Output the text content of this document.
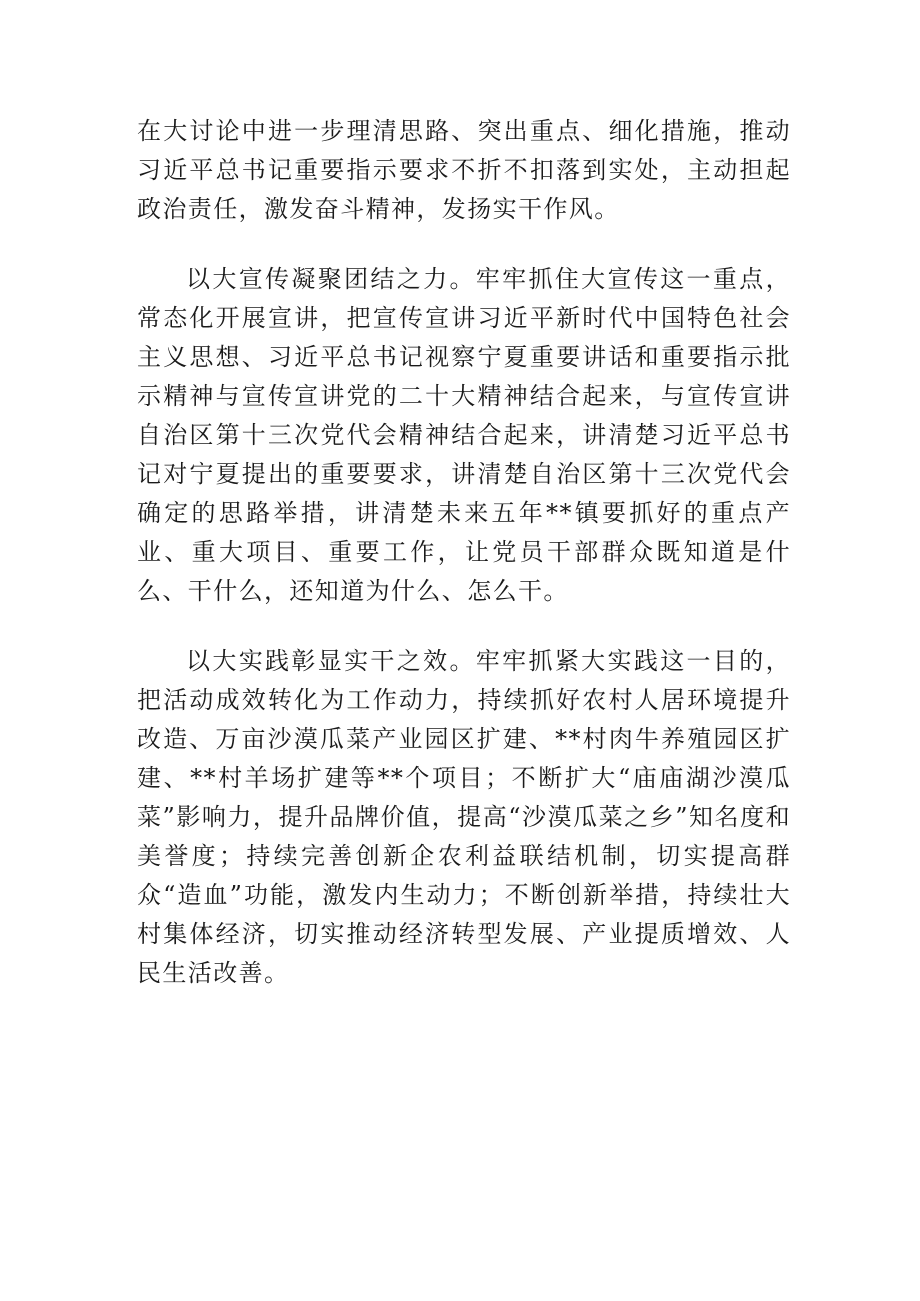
在大讨论中进一步理清思路、突出重点、细化措施，推动习近平总书记重要指示要求不折不扣落到实处，主动担起政治责任，激发奋斗精神，发扬实干作风。

以大宣传凝聚团结之力。牢牢抓住大宣传这一重点，常态化开展宣讲，把宣传宣讲习近平新时代中国特色社会主义思想、习近平总书记视察宁夏重要讲话和重要指示批示精神与宣传宣讲党的二十大精神结合起来，与宣传宣讲自治区第十三次党代会精神结合起来，讲清楚习近平总书记对宁夏提出的重要要求，讲清楚自治区第十三次党代会确定的思路举措，讲清楚未来五年**镇要抓好的重点产业、重大项目、重要工作，让党员干部群众既知道是什么、干什么，还知道为什么、怎么干。

以大实践彰显实干之效。牢牢抓紧大实践这一目的，把活动成效转化为工作动力，持续抓好农村人居环境提升改造、万亩沙漠瓜菜产业园区扩建、**村肉牛养殖园区扩建、**村羊场扩建等**个项目；不断扩大“庙庙湖沙漠瓜菜”影响力，提升品牌价值，提高“沙漠瓜菜之乡”知名度和美誉度；持续完善创新企农利益联结机制，切实提高群众“造血”功能，激发内生动力；不断创新举措，持续壮大村集体经济，切实推动经济转型发展、产业提质增效、人民生活改善。
